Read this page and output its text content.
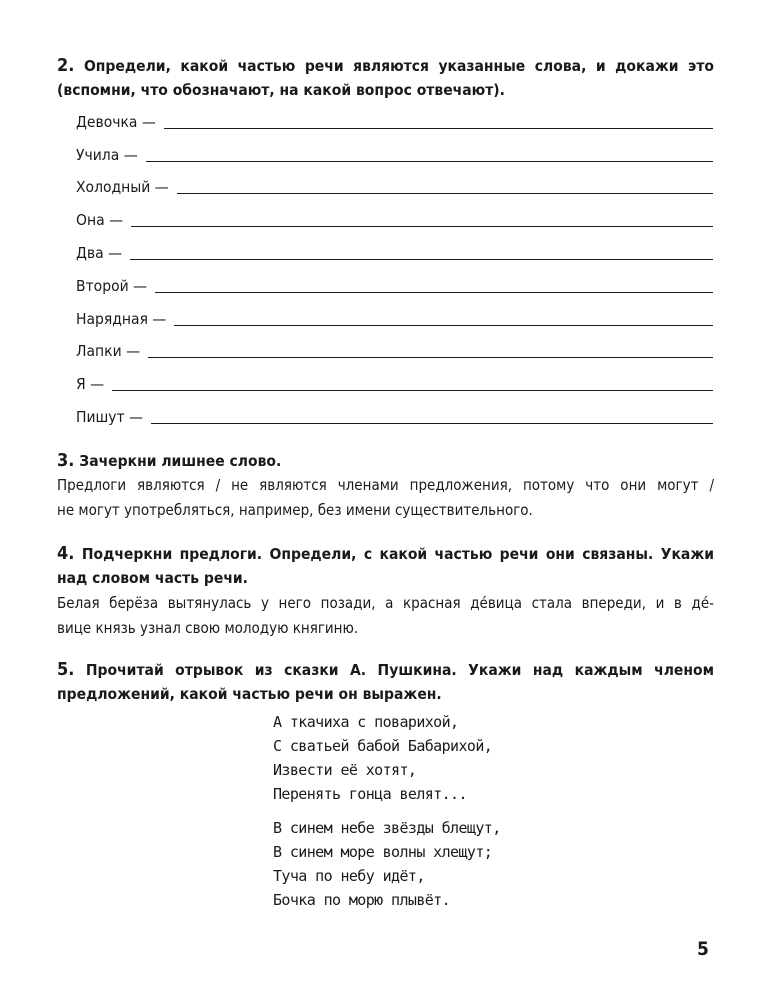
2. Определи, какой частью речи являются указанные слова, и докажи это

(вспомни, что обозначают, на какой вопрос отвечают).

Девочка —
Учила —
Холодный —
Она —
Два —
Второй —
Нарядная —
Лапки —
Я —
Пишут —

3. Зачеркни лишнее слово.

Предлоги являются / не являются членами предложения, потому что они могут /
не могут употребляться, например, без имени существительного.

4. Подчеркни предлоги. Определи, с какой частью речи они связаны. Укажи

над словом часть речи.

Белая берёза вытянулась у него позади, а красная де́вица стала впереди, и в де́-
вице князь узнал свою молодую княгиню.

5. Прочитай отрывок из сказки А. Пушкина. Укажи над каждым членом

предложений, какой частью речи он выражен.

А ткачиха с поварихой,
С сватьей бабой Бабарихой,
Извести её хотят,
Перенять гонца велят...
В синем небе звёзды блещут,
В синем море волны хлещут;
Туча по небу идёт,
Бочка по морю плывёт.
5
